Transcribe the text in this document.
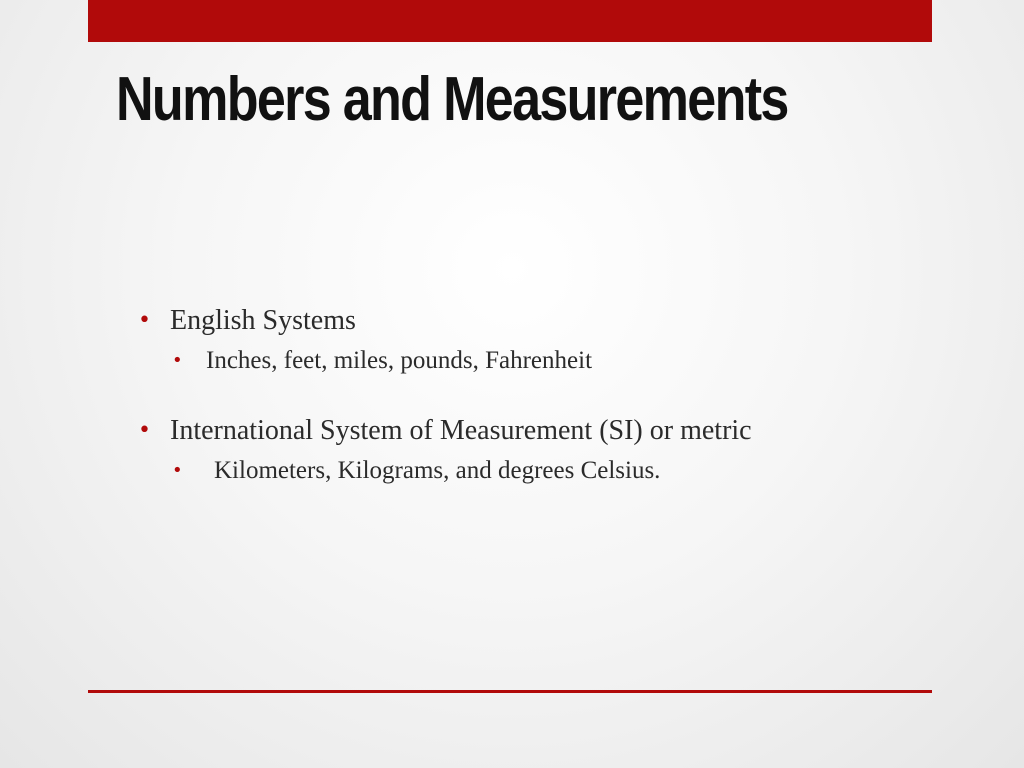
Numbers and Measurements
• English Systems
• Inches, feet, miles, pounds, Fahrenheit
• International System of Measurement (SI) or metric
• Kilometers, Kilograms, and degrees Celsius.
